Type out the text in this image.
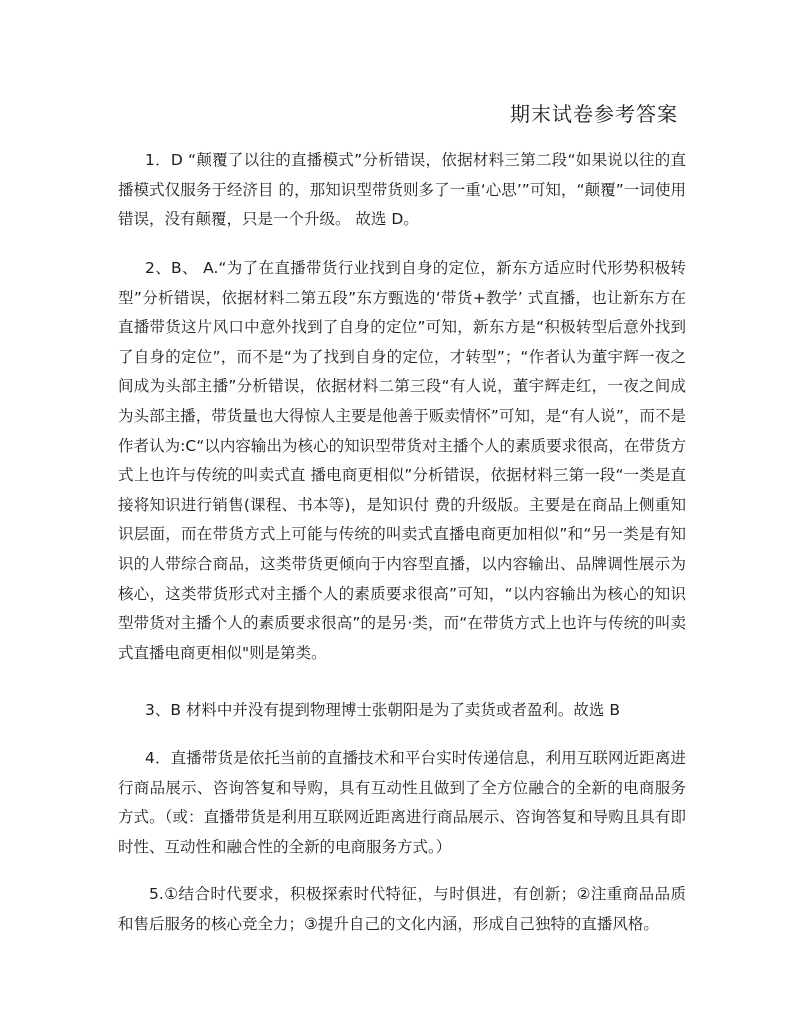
期末试卷参考答案

1．D “颠覆了以往的直播模式”分析错误，依据材料三第二段“如果说以往的直播模式仅服务于经济目 的，那知识型带货则多了一重‘心思’”可知，“颠覆”一词使用错误，没有颠覆，只是一个升级。 故选 D。

2、B、 A.“为了在直播带货行业找到自身的定位，新东方适应时代形势积极转型”分析错误，依据材料二第五段”东方甄选的‘带货+教学’ 式直播，也让新东方在直播带货这片风口中意外找到了自身的定位”可知，新东方是“积极转型后意外找到了自身的定位”，而不是“为了找到自身的定位，才转型”；“作者认为董宇辉一夜之间成为头部主播”分析错误，依据材料二第三段“有人说，董宇辉走红，一夜之间成为头部主播，带货量也大得惊人主要是他善于贩卖情怀”可知，是“有人说”，而不是作者认为:C“以内容输出为核心的知识型带货对主播个人的素质要求很高，在带货方式上也许与传统的叫卖式直 播电商更相似”分析错误，依据材料三第一段“一类是直接将知识进行销售(课程、书本等)，是知识付 费的升级版。主要是在商品上侧重知识层面，而在带货方式上可能与传统的叫卖式直播电商更加相似”和“另一类是有知识的人带综合商品，这类带货更倾向于内容型直播，以内容输出、品牌调性展示为核心，这类带货形式对主播个人的素质要求很高”可知，“以内容输出为核心的知识型带货对主播个人的素质要求很高”的是另·类，而“在带货方式上也许与传统的叫卖式直播电商更相似"则是第类。

3、B 材料中并没有提到物理博士张朝阳是为了卖货或者盈利。故选 B

4．直播带货是依托当前的直播技术和平台实时传递信息，利用互联网近距离进行商品展示、咨询答复和导购，具有互动性且做到了全方位融合的全新的电商服务方式。（或：直播带货是利用互联网近距离进行商品展示、咨询答复和导购且具有即时性、互动性和融合性的全新的电商服务方式。）

5.①结合时代要求，积极探索时代特征，与时俱进，有创新；②注重商品品质和售后服务的核心竞全力；③提升自己的文化内涵，形成自己独特的直播风格。
